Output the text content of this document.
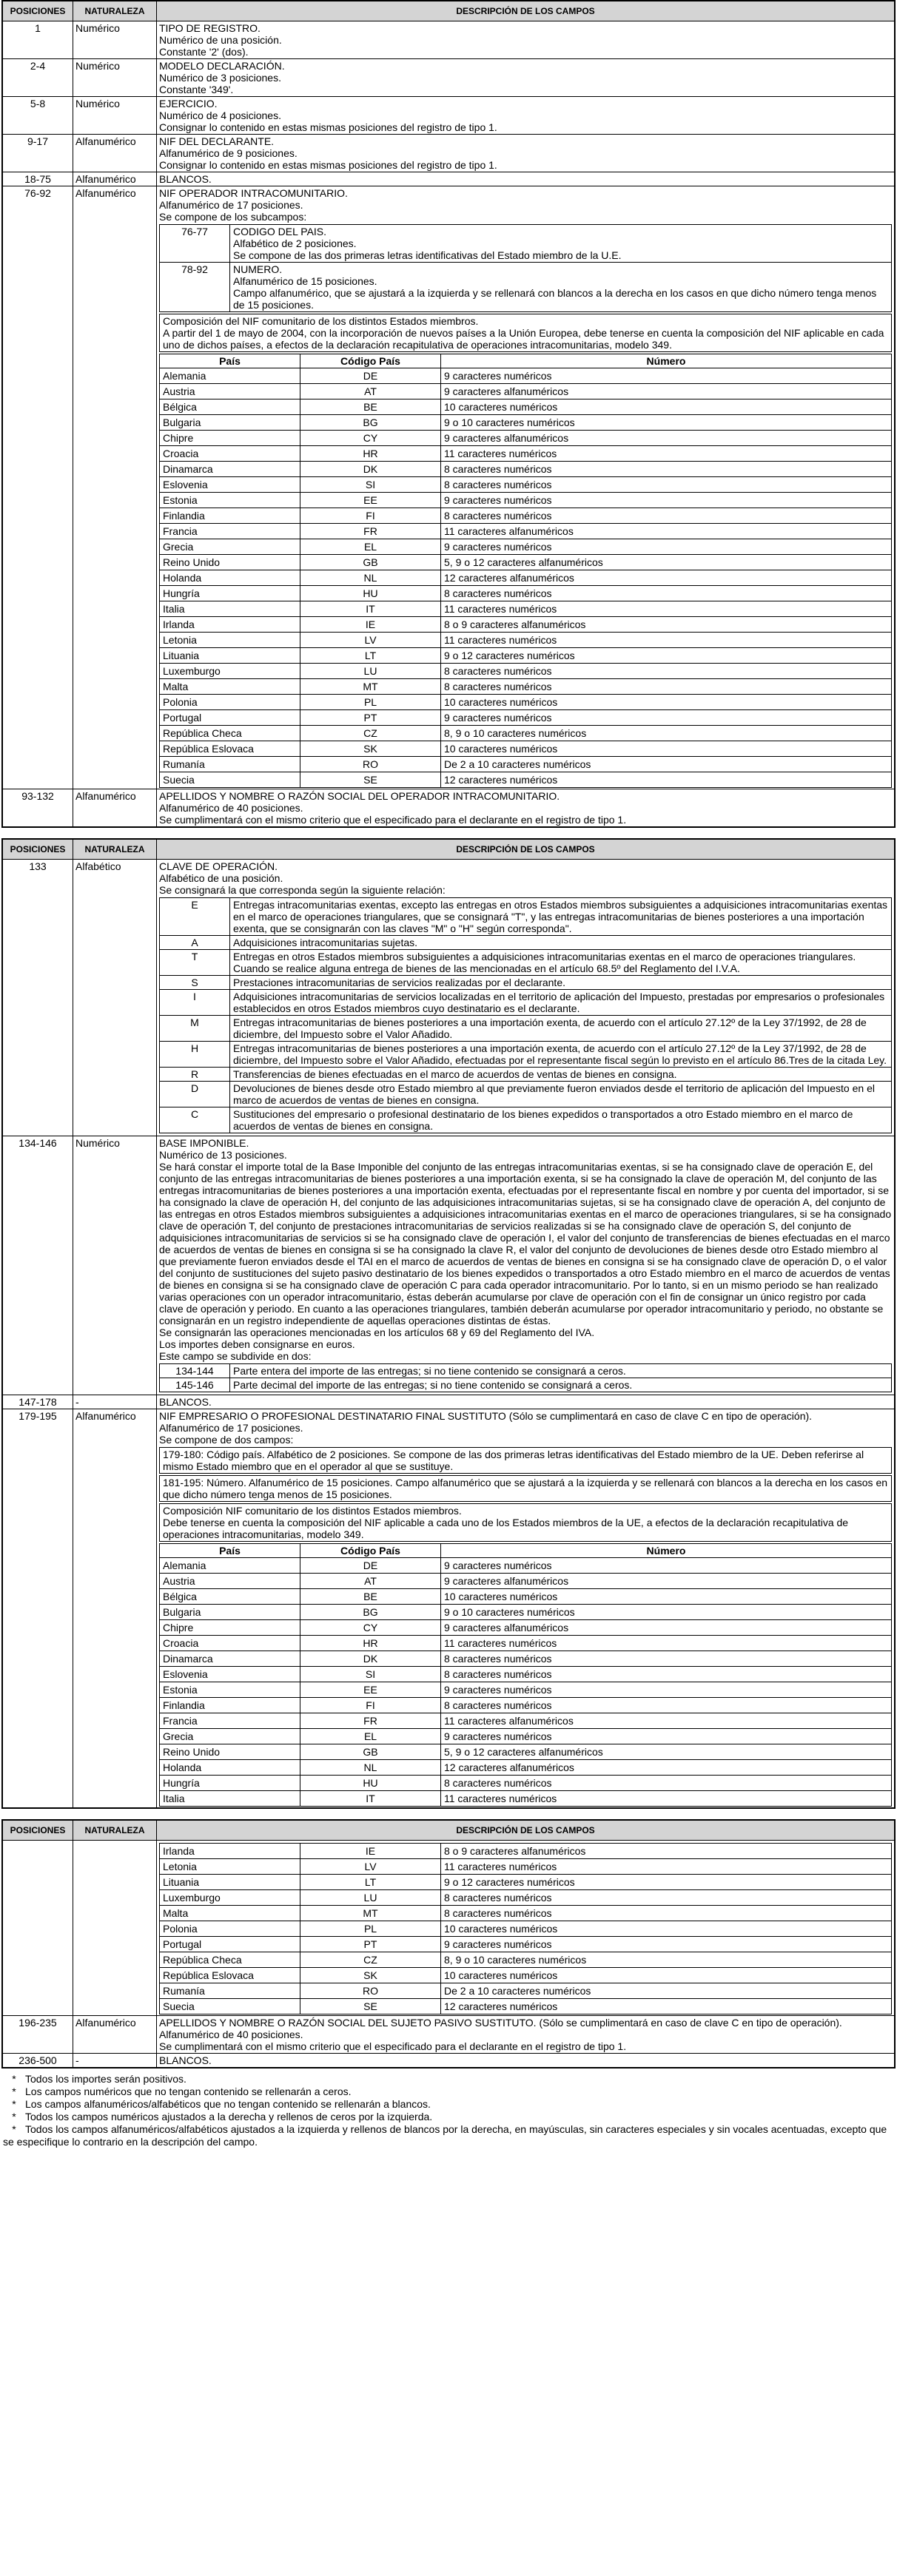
POSICIONES	NATURALEZA	DESCRIPCIÓN DE LOS CAMPOS
1	Numérico	TIPO DE REGISTRO.
Numérico de una posición.
Constante '2' (dos).

2-4	Numérico	MODELO DECLARACIÓN.
Numérico de 3 posiciones.
Constante '349'.

5-8	Numérico	EJERCICIO.
Numérico de 4 posiciones.
Consignar lo contenido en estas mismas posiciones del registro de tipo 1.

9-17	Alfanumérico	NIF DEL DECLARANTE.
Alfanumérico de 9 posiciones.
Consignar lo contenido en estas mismas posiciones del registro de tipo 1.

18-75	Alfanumérico	BLANCOS.

76-92	Alfanumérico	NIF OPERADOR INTRACOMUNITARIO.
Alfanumérico de 17 posiciones.
Se compone de los subcampos:
76-77	CODIGO DEL PAIS.
Alfabético de 2 posiciones.
Se compone de las dos primeras letras identificativas del Estado miembro de la U.E.

78-92	NUMERO.
Alfanumérico de 15 posiciones.
Campo alfanumérico, que se ajustará a la izquierda y se rellenará con blancos a la derecha en los casos en que dicho número tenga menos de 15 posiciones.
Composición del NIF comunitario de los distintos Estados miembros.
A partir del 1 de mayo de 2004, con la incorporación de nuevos países a la Unión Europea, debe tenerse en cuenta la composición del NIF aplicable en cada uno de dichos países, a efectos de la declaración recapitulativa de operaciones intracomunitarias, modelo 349.
País	Código País	Número
Alemania	DE	9 caracteres numéricos
Austria	AT	9 caracteres alfanuméricos
Bélgica	BE	10 caracteres numéricos
Bulgaria	BG	9 o 10 caracteres numéricos
Chipre	CY	9 caracteres alfanuméricos
Croacia	HR	11 caracteres numéricos
Dinamarca	DK	8 caracteres numéricos
Eslovenia	SI	8 caracteres numéricos
Estonia	EE	9 caracteres numéricos
Finlandia	FI	8 caracteres numéricos
Francia	FR	11 caracteres alfanuméricos
Grecia	EL	9 caracteres numéricos
Reino Unido	GB	5, 9 o 12 caracteres alfanuméricos
Holanda	NL	12 caracteres alfanuméricos
Hungría	HU	8 caracteres numéricos
Italia	IT	11 caracteres numéricos
Irlanda	IE	8 o 9 caracteres alfanuméricos
Letonia	LV	11 caracteres numéricos
Lituania	LT	9 o 12 caracteres numéricos
Luxemburgo	LU	8 caracteres numéricos
Malta	MT	8 caracteres numéricos
Polonia	PL	10 caracteres numéricos
Portugal	PT	9 caracteres numéricos
República Checa	CZ	8, 9 o 10 caracteres numéricos
República Eslovaca	SK	10 caracteres numéricos
Rumanía	RO	De 2 a 10 caracteres numéricos
Suecia	SE	12 caracteres numéricos

93-132	Alfanumérico	APELLIDOS Y NOMBRE O RAZÓN SOCIAL DEL OPERADOR INTRACOMUNITARIO.
Alfanumérico de 40 posiciones.
Se cumplimentará con el mismo criterio que el especificado para el declarante en el registro de tipo 1.
POSICIONES	NATURALEZA	DESCRIPCIÓN DE LOS CAMPOS
133	Alfabético	CLAVE DE OPERACIÓN.
Alfabético de una posición.
Se consignará la que corresponda según la siguiente relación:
E	Entregas intracomunitarias exentas, excepto las entregas en otros Estados miembros subsiguientes a adquisiciones intracomunitarias exentas en el marco de operaciones triangulares, que se consignará "T", y las entregas intracomunitarias de bienes posteriores a una importación exenta, que se consignarán con las claves "M" o "H" según corresponda".
A	Adquisiciones intracomunitarias sujetas.
T	Entregas en otros Estados miembros subsiguientes a adquisiciones intracomunitarias exentas en el marco de operaciones triangulares. Cuando se realice alguna entrega de bienes de las mencionadas en el artículo 68.5º del Reglamento del I.V.A.
S	Prestaciones intracomunitarias de servicios realizadas por el declarante.
I	Adquisiciones intracomunitarias de servicios localizadas en el territorio de aplicación del Impuesto, prestadas por empresarios o profesionales establecidos en otros Estados miembros cuyo destinatario es el declarante.
M	Entregas intracomunitarias de bienes posteriores a una importación exenta, de acuerdo con el artículo 27.12º de la Ley 37/1992, de 28 de diciembre, del Impuesto sobre el Valor Añadido.
H	Entregas intracomunitarias de bienes posteriores a una importación exenta, de acuerdo con el artículo 27.12º de la Ley 37/1992, de 28 de diciembre, del Impuesto sobre el Valor Añadido, efectuadas por el representante fiscal según lo previsto en el artículo 86.Tres de la citada Ley.
R	Transferencias de bienes efectuadas en el marco de acuerdos de ventas de bienes en consigna.
D	Devoluciones de bienes desde otro Estado miembro al que previamente fueron enviados desde el territorio de aplicación del Impuesto en el marco de acuerdos de ventas de bienes en consigna.
C	Sustituciones del empresario o profesional destinatario de los bienes expedidos o transportados a otro Estado miembro en el marco de acuerdos de ventas de bienes en consigna.

134-146	Numérico	BASE IMPONIBLE.
Numérico de 13 posiciones.
Se hará constar el importe total de la Base Imponible del conjunto de las entregas intracomunitarias exentas, si se ha consignado clave de operación E, del conjunto de las entregas intracomunitarias de bienes posteriores a una importación exenta, si se ha consignado la clave de operación M, del conjunto de las entregas intracomunitarias de bienes posteriores a una importación exenta, efectuadas por el representante fiscal en nombre y por cuenta del importador, si se ha consignado la clave de operación H, del conjunto de las adquisiciones intracomunitarias sujetas, si se ha consignado clave de operación A, del conjunto de las entregas en otros Estados miembros subsiguientes a adquisiciones intracomunitarias exentas en el marco de operaciones triangulares, si se ha consignado clave de operación T, del conjunto de prestaciones intracomunitarias de servicios realizadas si se ha consignado clave de operación S, del conjunto de adquisiciones intracomunitarias de servicios si se ha consignado clave de operación I, el valor del conjunto de transferencias de bienes efectuadas en el marco de acuerdos de ventas de bienes en consigna si se ha consignado la clave R, el valor del conjunto de devoluciones de bienes desde otro Estado miembro al que previamente fueron enviados desde el TAI en el marco de acuerdos de ventas de bienes en consigna si se ha consignado clave de operación D, o el valor del conjunto de sustituciones del sujeto pasivo destinatario de los bienes expedidos o transportados a otro Estado miembro en el marco de acuerdos de ventas de bienes en consigna si se ha consignado clave de operación C para cada operador intracomunitario. Por lo tanto, si en un mismo periodo se han realizado varias operaciones con un operador intracomunitario, éstas deberán acumularse por clave de operación con el fin de consignar un único registro por cada clave de operación y periodo. En cuanto a las operaciones triangulares, también deberán acumularse por operador intracomunitario y periodo, no obstante se consignarán en un registro independiente de aquellas operaciones distintas de éstas.
Se consignarán las operaciones mencionadas en los artículos 68 y 69 del Reglamento del IVA.
Los importes deben consignarse en euros.
Este campo se subdivide en dos:
134-144	Parte entera del importe de las entregas; si no tiene contenido se consignará a ceros.
145-146	Parte decimal del importe de las entregas; si no tiene contenido se consignará a ceros.

147-178	-	BLANCOS.

179-195	Alfanumérico	NIF EMPRESARIO O PROFESIONAL DESTINATARIO FINAL SUSTITUTO (Sólo se cumplimentará en caso de clave C en tipo de operación).
Alfanumérico de 17 posiciones.
Se compone de dos campos:
179-180: Código país. Alfabético de 2 posiciones. Se compone de las dos primeras letras identificativas del Estado miembro de la UE. Deben referirse al mismo Estado miembro que en el operador al que se sustituye.
181-195: Número. Alfanumérico de 15 posiciones. Campo alfanumérico que se ajustará a la izquierda y se rellenará con blancos a la derecha en los casos en que dicho número tenga menos de 15 posiciones.
Composición NIF comunitario de los distintos Estados miembros.
Debe tenerse en cuenta la composición del NIF aplicable a cada uno de los Estados miembros de la UE, a efectos de la declaración recapitulativa de operaciones intracomunitarias, modelo 349.
País	Código País	Número
Alemania	DE	9 caracteres numéricos
Austria	AT	9 caracteres alfanuméricos
Bélgica	BE	10 caracteres numéricos
Bulgaria	BG	9 o 10 caracteres numéricos
Chipre	CY	9 caracteres alfanuméricos
Croacia	HR	11 caracteres numéricos
Dinamarca	DK	8 caracteres numéricos
Eslovenia	SI	8 caracteres numéricos
Estonia	EE	9 caracteres numéricos
Finlandia	FI	8 caracteres numéricos
Francia	FR	11 caracteres alfanuméricos
Grecia	EL	9 caracteres numéricos
Reino Unido	GB	5, 9 o 12 caracteres alfanuméricos
Holanda	NL	12 caracteres alfanuméricos
Hungría	HU	8 caracteres numéricos
Italia	IT	11 caracteres numéricos
POSICIONES	NATURALEZA	DESCRIPCIÓN DE LOS CAMPOS

Irlanda	IE	8 o 9 caracteres alfanuméricos
Letonia	LV	11 caracteres numéricos
Lituania	LT	9 o 12 caracteres numéricos
Luxemburgo	LU	8 caracteres numéricos
Malta	MT	8 caracteres numéricos
Polonia	PL	10 caracteres numéricos
Portugal	PT	9 caracteres numéricos
República Checa	CZ	8, 9 o 10 caracteres numéricos
República Eslovaca	SK	10 caracteres numéricos
Rumanía	RO	De 2 a 10 caracteres numéricos
Suecia	SE	12 caracteres numéricos

196-235	Alfanumérico	APELLIDOS Y NOMBRE O RAZÓN SOCIAL DEL SUJETO PASIVO SUSTITUTO. (Sólo se cumplimentará en caso de clave C en tipo de operación).
Alfanumérico de 40 posiciones.
Se cumplimentará con el mismo criterio que el especificado para el declarante en el registro de tipo 1.

236-500	-	BLANCOS.
* Todos los importes serán positivos.
* Los campos numéricos que no tengan contenido se rellenarán a ceros.
* Los campos alfanuméricos/alfabéticos que no tengan contenido se rellenarán a blancos.
* Todos los campos numéricos ajustados a la derecha y rellenos de ceros por la izquierda.
* Todos los campos alfanuméricos/alfabéticos ajustados a la izquierda y rellenos de blancos por la derecha, en mayúsculas, sin caracteres especiales y sin vocales acentuadas, excepto que se especifique lo contrario en la descripción del campo.
